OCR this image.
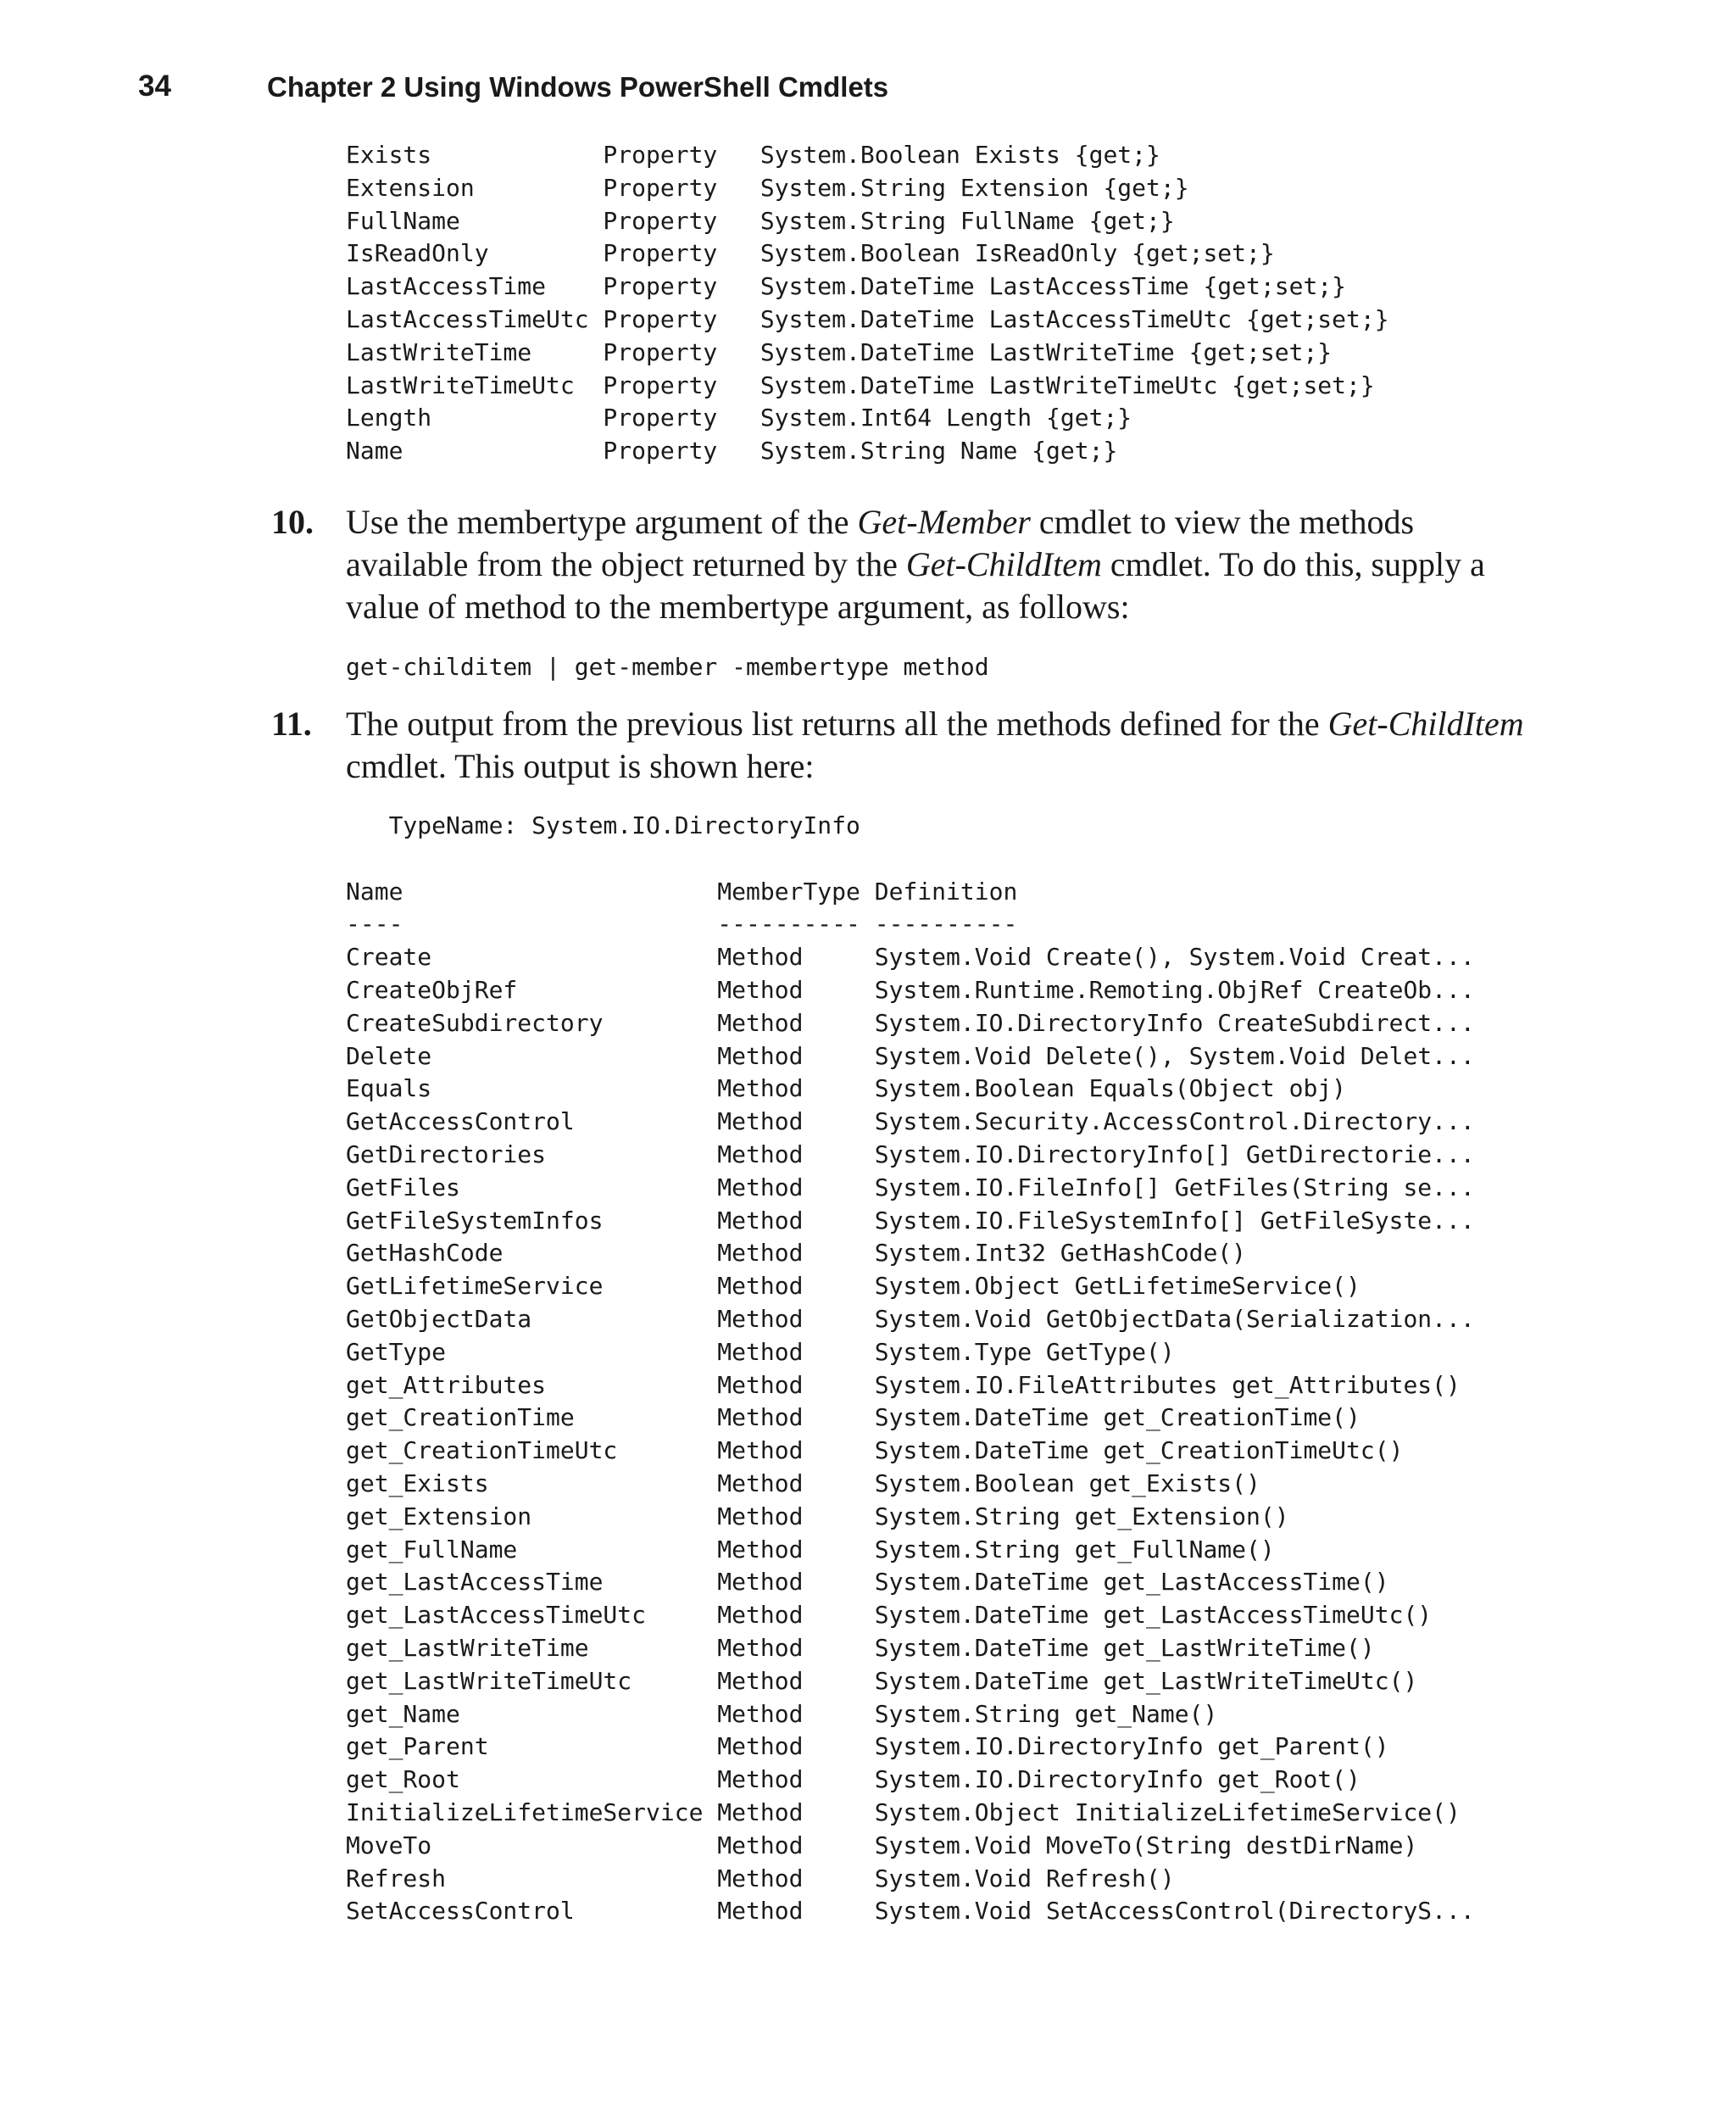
34	Chapter 2 Using Windows PowerShell Cmdlets
Exists            Property   System.Boolean Exists {get;}
Extension         Property   System.String Extension {get;}
FullName          Property   System.String FullName {get;}
IsReadOnly        Property   System.Boolean IsReadOnly {get;set;}
LastAccessTime    Property   System.DateTime LastAccessTime {get;set;}
LastAccessTimeUtc Property   System.DateTime LastAccessTimeUtc {get;set;}
LastWriteTime     Property   System.DateTime LastWriteTime {get;set;}
LastWriteTimeUtc  Property   System.DateTime LastWriteTimeUtc {get;set;}
Length            Property   System.Int64 Length {get;}
Name              Property   System.String Name {get;}
10. Use the membertype argument of the Get-Member cmdlet to view the methods available from the object returned by the Get-ChildItem cmdlet. To do this, supply a value of method to the membertype argument, as follows:
get-childitem | get-member -membertype method
11.	The output from the previous list returns all the methods defined for the Get-ChildItem cmdlet. This output is shown here:
TypeName: System.IO.DirectoryInfo
Name                      MemberType Definition
----                      ---------- ----------
Create                    Method     System.Void Create(), System.Void Creat...
CreateObjRef              Method     System.Runtime.Remoting.ObjRef CreateOb...
CreateSubdirectory        Method     System.IO.DirectoryInfo CreateSubdirect...
Delete                    Method     System.Void Delete(), System.Void Delet...
Equals                    Method     System.Boolean Equals(Object obj)
GetAccessControl          Method     System.Security.AccessControl.Directory...
GetDirectories            Method     System.IO.DirectoryInfo[] GetDirectorie...
GetFiles                  Method     System.IO.FileInfo[] GetFiles(String se...
GetFileSystemInfos        Method     System.IO.FileSystemInfo[] GetFileSyste...
GetHashCode               Method     System.Int32 GetHashCode()
GetLifetimeService        Method     System.Object GetLifetimeService()
GetObjectData             Method     System.Void GetObjectData(Serialization...
GetType                   Method     System.Type GetType()
get_Attributes            Method     System.IO.FileAttributes get_Attributes()
get_CreationTime          Method     System.DateTime get_CreationTime()
get_CreationTimeUtc       Method     System.DateTime get_CreationTimeUtc()
get_Exists                Method     System.Boolean get_Exists()
get_Extension             Method     System.String get_Extension()
get_FullName              Method     System.String get_FullName()
get_LastAccessTime        Method     System.DateTime get_LastAccessTime()
get_LastAccessTimeUtc     Method     System.DateTime get_LastAccessTimeUtc()
get_LastWriteTime         Method     System.DateTime get_LastWriteTime()
get_LastWriteTimeUtc      Method     System.DateTime get_LastWriteTimeUtc()
get_Name                  Method     System.String get_Name()
get_Parent                Method     System.IO.DirectoryInfo get_Parent()
get_Root                  Method     System.IO.DirectoryInfo get_Root()
InitializeLifetimeService Method     System.Object InitializeLifetimeService()
MoveTo                    Method     System.Void MoveTo(String destDirName)
Refresh                   Method     System.Void Refresh()
SetAccessControl          Method     System.Void SetAccessControl(DirectoryS...
